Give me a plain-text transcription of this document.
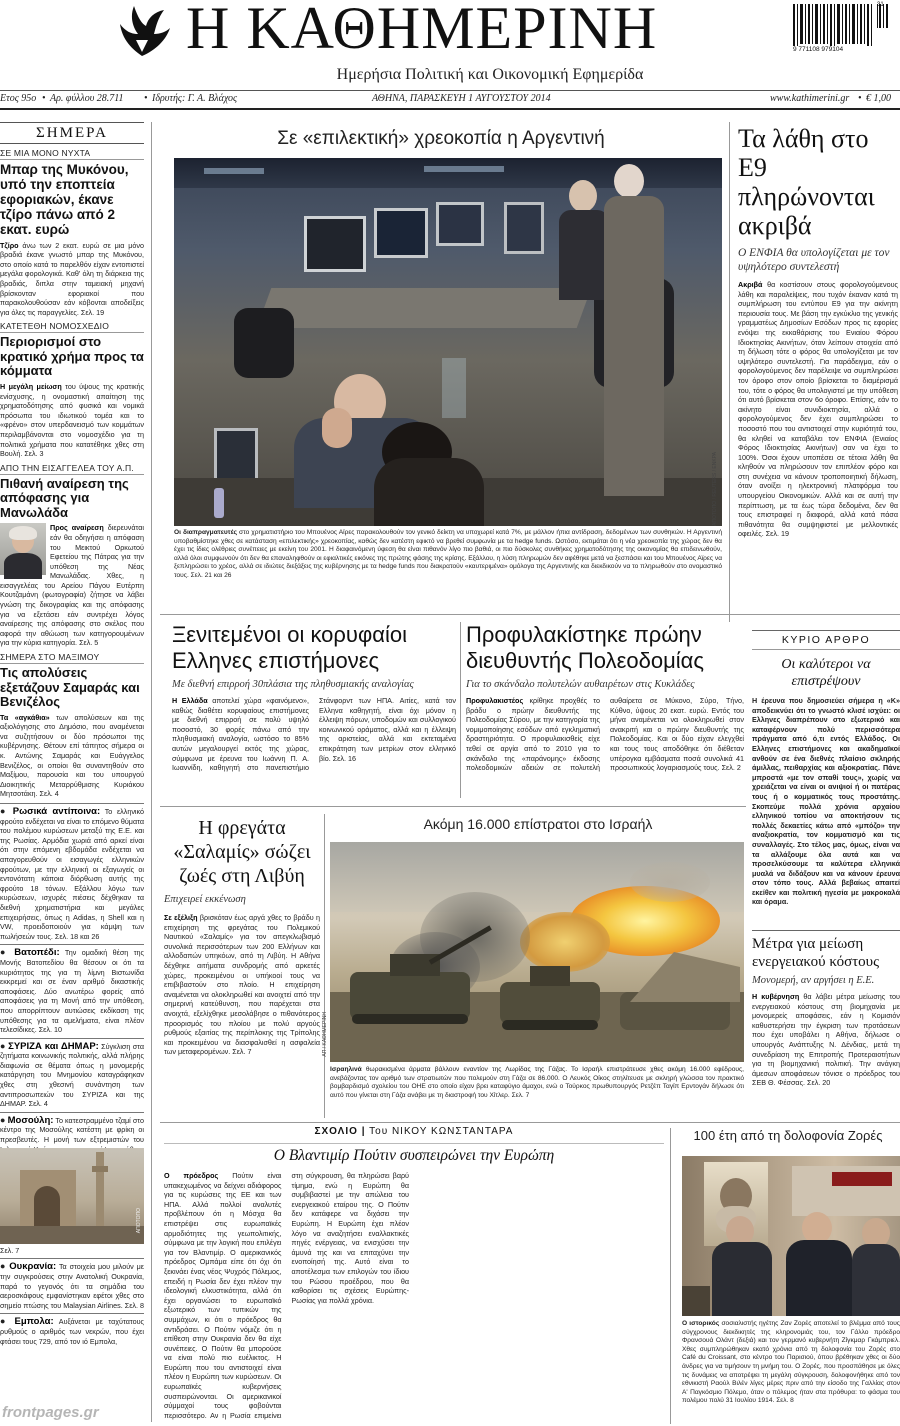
Η ΚΑΘΗΜΕΡΙΝΗ
Ημερήσια Πολιτική και Οικονομική Εφημερίδα
9 771108 979104
31
Ετος 95ο • Αρ. φύλλου 28.711 • Ιδρυτής: Γ. Α. Βλάχος	ΑΘΗΝΑ, ΠΑΡΑΣΚΕΥΗ 1 ΑΥΓΟΥΣΤΟΥ 2014	www.kathimerini.gr • € 1,00
ΣΗΜΕΡΑ
ΣΕ ΜΙΑ ΜΟΝΟ ΝΥΧΤΑ
Μπαρ της Μυκόνου, υπό την εποπτεία εφοριακών, έκανε τζίρο πάνω από 2 εκατ. ευρώ
Τζίρο άνω των 2 εκατ. ευρώ σε μια μόνο βραδιά έκανε γνωστό μπαρ της Μυκόνου, στο οποίο κατά το παρελθόν είχαν εντοπιστεί μεγάλα φορολογικά. Καθ' όλη τη διάρκεια της βραδιάς, διπλα στην ταμειακή μηχανή βρίσκονταν εφοριακοί που παρακολουθούσαν εάν κόβονται αποδείξεις για όλες τις παραγγελίες. Σελ. 19
ΚΑΤΕΤΕΘΗ ΝΟΜΟΣΧΕΔΙΟ
Περιορισμοί στο κρατικό χρήμα προς τα κόμματα
Η μεγάλη μείωση του ύψους της κρατικής ενίσχυσης, η ονομαστική απαίτηση της χρηματοδότησης από φυσικά και νομικά πρόσωπα του ιδιωτικού τομέα και το «φρένο» στον υπερδανεισμό των κομμάτων περιλαμβάνονται στο νομοσχέδιο για τη πολιτικά χρήματα που κατατέθηκε χθες στη Βουλή. Σελ. 3
ΑΠΟ ΤΗΝ ΕΙΣΑΓΓΕΛΕΑ ΤΟΥ Α.Π.
Πιθανή αναίρεση της απόφασης για Μανωλάδα
Προς αναίρεση διερευνάται εάν θα οδηγήσει η απόφαση του Μεικτού Ορκωτού Εφετείου της Πάτρας για την υπόθεση της Νέας Μανωλάδας. Χθες, η εισαγγελέας του Αρείου Πάγου Ευτέρπη Κουτζαμάνη (φωτογραφία) ζήτησε να λάβει γνώση της δικογραφίας και της απόφασης για να εξετάσει εάν συντρέχει λόγος αναίρεσης της απόφασης στο σκέλος που αφορά την αθώωση των κατηγορουμένων για την κύρια κατηγορία. Σελ. 5
ΣΗΜΕΡΑ ΣΤΟ ΜΑΞΙΜΟΥ
Τις απολύσεις εξετάζουν Σαμαράς και Βενιζέλος
Τα «αγκάθια» των απολύσεων και της αξιολόγησης στο Δημόσιο, που αναμένεται να συζητήσουν οι δύο πρόσωποι της κυβέρνησης. Θέτουν επί τάπητος σήμερα οι κ. Αντώνης Σαμαράς και Ευάγγελος Βενιζέλος, οι οποίοι θα συναντηθούν στο Μαξίμου, παρουσία και του υπουργού Διοικητικής Μεταρρύθμισης Κυριάκου Μητσοτάκη. Σελ. 4
● Ρωσικά αντίποινα: Το ελληνικό φρούτο ενδέχεται να είναι το επόμενο θύματα του πολέμου κυρώσεων μεταξύ της Ε.Ε. και της Ρωσίας. Αρμόδια χωριά από αρκεί είναι ότι στην επόμενη εβδομάδα ενδέχεται να απαγορευθούν οι εισαγωγές ελληνικών φρούτων, με την ελληνική οι εξαγωγείς οι εντονότατη κάποια διόρθωση αυτής της φρούτο 18 τόνων. Εξάλλου λόγω των κυρώσεων, ισχυρές πιέσεις δέχθηκαν τα διεθνή χρηματιστήρια και μεγάλες επιχειρήσεις, όπως η Adidas, η Shell και η VW, προειδοποιούν για κάμψη των πωλήσεών τους. Σελ. 18 και 26
● Βατοπέδι: Την ομαδική θέση της Μονής Βατοπεδίου θα θέσουν οι ότι τα κυριότητος της για τη λίμνη Βιστωνίδα εκκρεμεί και σε έναν αριθμό δικαστικής αποφάσεις. Δύο ανωτέρω φορείς από αποφάσεις για τη Μονή από την υπόθεση, που απορρίπτουν αυτιώσεις εκδίκαση της υπόθεσης για τα αμελήματα, είναι πλέον τελεσίδικες. Σελ. 10
● ΣΥΡΙΖΑ και ΔΗΜΑΡ: Σύγκλιση στα ζητήματα κοινωνικής πολιτικής, αλλά πλήρης διαφωνία σε θέματα όπως η μονομερής κατάργηση του Μνημονίου καταγράφηκαν χθες στη χθεσινή συνάντηση των αντιπροσωπειών του ΣΥΡΙΖΑ και της ΔΗΜΑΡ. Σελ. 4
● Μοσούλη: Το κατεστραμμένο τζαμί στο κέντρο της Μοσούλης κατέστη με φρίκη οι πρεσβευτές. Η μονή των εξτρεμιστών του
ΑΠΟΤΟΠΟ
Σελ. 7
● Ουκρανία: Τα στοιχεία μου μιλούν με την συγκρούσεις στην Ανατολική Ουκρανία, παρά το γεγονός ότι τα σημάδια του αεροσκάφους εμφανίστηκαν εφέτοι χθες στο σημείο πτώσης του Malaysian Airlines. Σελ. 8
● Εμπολα: Αυξάνεται με ταχύτατους ρυθμούς ο αριθμός των νεκρών, που έχει φτάσει τους 729, από τον ιό Εμπολα,
Σε «επιλεκτική» χρεοκοπία η Αργεντινή
ΑΠΟΤΟΠΟ / REUTERS / ΕΝΚΡΑ
Οι διαπραγματευτές στο χρηματιστήριο του Μπουένος Αϊρες παρακολουθούν τον γενικό δείκτη να υποχωρεί κατά 7%, με μάλλον ήπια αντίδραση, δεδομένων των συνθηκών. Η Αργεντινή υποβαθμίστηκε χθες σε κατάσταση «επιλεκτικής» χρεοκοπίας, καθώς δεν κατέστη εφικτό να βρεθεί συμφωνία με τα hedge funds. Ωστόσο, εκτιμάται ότι η νέα χρεοκοπία της χώρας δεν θα έχει τις ίδιες ολέθριες συνέπειες με εκείνη του 2001. Η διαφαινόμενη ύφεση θα είναι πιθανόν λίγο πιο βαθιά, οι πιο δύσκολες συνθήκες χρηματοδότησης της οικονομίας θα επιδεινωθούν, αλλά όλοι συμφωνούν ότι δεν θα επαναληφθούν οι εφιαλτικές εικόνες της πρώτης φάσης της κρίσης. Εξάλλου, η λύση πληρωμών δεν αφέθηκε μετά να ξεσπάσει και του Μπουένος Αϊρες να ξεπληρώσει το χρέος, αλλά σε ιδιώτες διεξάξεις της κυβέρνησης με τα hedge funds που διακρατούν «καυτεριμένα» ομόλογα της Αργεντινής και διεκδικούν να το πληρωθούν στο ονομαστικό τους. Σελ. 21 και 26
Τα λάθη στο Ε9 πληρώνονται ακριβά
Ο ΕΝΦΙΑ θα υπολογίζεται με τον υψηλότερο συντελεστή
Ακριβά θα κοστίσουν στους φορολογούμενους λάθη και παραλείψεις, που τυχόν έκαναν κατά τη συμπλήρωση του εντύπου Ε9 για την ακίνητη περιουσία τους. Με βάση την εγκύκλιο της γενικής γραμματέως Δημοσίων Εσόδων προς τις εφορίες ενόψει της εκκαθάρισης του Ενιαίου Φόρου Ιδιοκτησίας Ακινήτων, όταν λείπουν στοιχεία από τη δήλωση τότε ο φόρος θα υπολογίζεται με τον υψηλότερο συντελεστή. Για παράδειγμα, εάν ο φορολογούμενος δεν παρέλειψε να συμπληρώσει τον όροφο στον οποίο βρίσκεται το διαμέρισμά του, τότε ο φόρος θα υπολογιστεί με την υπόθεση ότι αυτό βρίσκεται στον 6ο όροφο. Επίσης, εάν το ακίνητο είναι συνιδιοκτησία, αλλά ο φορολογούμενος δεν έχει συμπληρώσει το ποσοστό που του αντιστοιχεί στην κυριότητά του, θα κληθεί να καταβάλει τον ΕΝΦΙΑ (Ενιαίος Φόρος Ιδιοκτησίας Ακινήτων) σαν να έχει το 100%. Όσοι έχουν υποπέσει σε τέτοια λάθη θα κληθούν να πληρώσουν τον επιπλέον φόρο και στη συνέχεια να κάνουν τροποποιητική δήλωση, όταν ανοίξει η ηλεκτρονική πλατφόρμα του υπουργείου Οικονομικών. Αλλά και σε αυτή την περίπτωση, με τα έως τώρα δεδομένα, δεν θα τους επιστραφεί η διαφορά, αλλά κατά πάσα πιθανότητα θα συμψηφιστεί με μελλοντικές οφειλές. Σελ. 19
Ξενιτεμένοι οι κορυφαίοι Ελληνες επιστήμονες
Με διεθνή επιρροή 30πλάσια της πληθυσμιακής αναλογίας
Η Ελλάδα αποτελεί χώρα «φαινόμενο», καθώς διαθέτει κορυφαίους επιστήμονες με διεθνή επιρροή σε πολύ υψηλό ποσοστό, 30 φορές πάνω από την πληθυσμιακή αναλογία, ωστόσο το 85% αυτών μεγαλουργεί εκτός της χώρας, σύμφωνα με έρευνα του Ιωάννη Π. Α. Ιωαννίδη, καθηγητή στο πανεπιστήμιο Στάνφορντ των ΗΠΑ. Αιτίες, κατά τον Ελληνα καθηγητή, είναι όχι μόνον η έλλειψη πόρων, υποδομών και συλλογικού κοινωνικού οράματος, αλλά και η έλλειψη της αριστείας, αλλά και εκτεταμένα επικράτηση των μετρίων στον ελληνικό βίο. Σελ. 16
Προφυλακίστηκε πρώην διευθυντής Πολεοδομίας
Για το σκάνδαλο πολυτελών αυθαιρέτων στις Κυκλάδες
Προφυλακιστέος κρίθηκε προχθές το βράδυ ο πρώην διευθυντής της Πολεοδομίας Σύρου, με την κατηγορία της νομιμοποίησης εσόδων από εγκληματική δραστηριότητα. Ο προφυλακισθείς είχε τεθεί σε αργία από το 2010 για το σκάνδαλο της «παράνομης» έκδοσης πολεοδομικών αδειών σε πολυτελή αυθαίρετα σε Μύκονο, Σύρο, Τήνο, Κύθνο, ύψους 20 εκατ. ευρώ. Εντός του μήνα αναμένεται να ολοκληρωθεί στον ανακριτή και ο πρώην διευθυντής της Πολεοδομίας. Και οι δύο είχαν ελεγχθεί και τους τους αποδόθηκε ότι διέθεταν υπέρογκα εμβάσματα ποσά συνολικά 41 προσωπικούς λογαριασμούς τους. Σελ. 2
ΚΥΡΙΟ ΑΡΘΡΟ
Οι καλύτεροι να επιστρέψουν
Η έρευνα που δημοσιεύει σήμερα η «Κ» αποδεικνύει ότι το γνωστό κλισέ ισχύει: οι Ελληνες διαπρέπουν στο εξωτερικό και καταφέρνουν πολύ περισσότερα πράγματα από ό,τι εντός Ελλάδος. Οι Ελληνες επιστήμονες και ακαδημαϊκοί ανθούν σε ένα διεθνές πλαίσιο σκληρής άμιλλας, πειθαρχίας και αξιοκρατίας. Πάνε μπροστά «με τον σπαθί τους», χωρίς να χρειάζεται να είναι οι ανιψιοί ή οι πατέρας τους ή ο κομματικός τους προστάτης. Σκοπεύμε πολλά χρόνια αρχαίου ελληνικού τοπίου να αποκτήσουν τις πολλές δεκαετίες κάτω από «μπόζο» την αναξιοκρατία, τον κομματισμό και τις συναλλαγές. Στο τέλος μας, όμως, είναι να τα αλλάξουμε όλα αυτά και να προσελκύσουμε τα καλύτερα ελληνικά μυαλά να διδάξουν και να κάνουν έρευνα στον τόπο τους. Αλλά βεβαίως απαιτεί εκείθεν και πολιτική ηγεσία με μακροκαλά και όραμα.
Μέτρα για μείωση ενεργειακού κόστους
Μονομερή, αν αργήσει η Ε.Ε.
Η κυβέρνηση θα λάβει μέτρα μείωσης του ενεργειακού κόστους στη βιομηχανία με μονομερείς αποφάσεις, εάν η Κομισιόν καθυστερήσει την έγκριση των προτάσεων που έχει υποβάλει η Αθήνα, δήλωσε ο υπουργός Ανάπτυξης Ν. Δένδιας, μετά τη συνεδρίαση της Επιτροπής Προτεραιοτήτων για τη βιομηχανική πολιτική. Την ανάγκη άμεσων αποφάσεων τόνισε ο πρόεδρος του ΣΕΒ Θ. Φέσσας. Σελ. 20
Η φρεγάτα «Σαλαμίς» σώζει ζωές στη Λιβύη
Επιχειρεί εκκένωση
Σε εξέλιξη βρισκόταν έως αργά χθες το βράδυ η επιχείρηση της φρεγάτας του Πολεμικού Ναυτικού «Σαλαμίς» για τον απεγκλωβισμό συνολικά περισσότερων των 200 Ελλήνων και αλλοδαπών υπηκόων, από τη Λιβύη. Η Αθήνα δέχθηκε αιτήματα συνδρομής από αρκετές χώρες, προκειμένου οι υπήκοοί τους να επιβιβαστούν στο πλοίο. Η επιχείρηση αναμένεται να ολοκληρωθεί και ανοιχτεί από την σημερινή κατεύθυνση, που παρέχεται στα ανοιχτά, εξελίχθηκε μεσολάβησε ο πιθανότερος προορισμός του πλοίου με πολύ αργούς ρυθμούς εξαιτίας της περίπλοκης της Τρίπολης και προκειμένου να διασφαλισθεί η ασφαλεία των μεταφερομένων. Σελ. 7
Ακόμη 16.000 επίστρατοι στο Ισραήλ
ΑΠ / ΚΑΘΗΜΕΡΙΝΗ
Ισραηλινά θωρακισμένα άρματα βάλλουν εναντίον της Λωρίδας της Γάζας. Το Ισραήλ επιστράτευσε χθες ακόμη 16.000 εφέδρους, ανεβάζοντας τον αριθμό των στρατιωτών που πολεμούν στη Γάζα σε 86.000. Ο Λευκός Οίκος στηλίτευσε με σκληρή γλώσσα τον πρακτικό βομβαρδισμό σχολείου του ΟΗΕ στο οποίο είχαν βρει καταφύγιο άμαχοι, ενώ ο Τούρκος πρωθυπουργός Ρετζέπ Ταγίπ Ερντογάν δήλωσε ότι αυτό που γίνεται στη Γάζα ανάβει με τη διαστροφή του Χίτλερ. Σελ. 7
ΣΧΟΛΙΟ | Του ΝΙΚΟΥ ΚΩΝΣΤΑΝΤΑΡΑ
Ο Βλαντιμίρ Πούτιν συσπειρώνει την Ευρώπη
Ο πρόεδρος Πούτιν είναι υπακεχωμένος να δείχνει αδιάφορος για τις κυρώσεις της ΕΕ και των ΗΠΑ. Αλλά πολλοί αναλυτές προβλέπουν ότι η Μόσχα θα επιστρέψει στις ευρωπαϊκές αρμοδιότητες της γεωπολιτικής, σύμφωνα με την λογική που επιλέγει για τον Βλαντιμίρ. Ο αμερικανικός πρόεδρος Ομπάμα είπε ότι όχι ότι ξεκινάει ένας νέος Ψυχρός Πόλεμος, επειδή η Ρωσία δεν έχει πλέον την ιδεολογική ελκυστικότητα, αλλά ότι έχει οργανώσει το ευρωπαϊκό εξωτερικό των τυπικών της συμμάχων, κι ότι ο πρόεδρος θα αντιδράσει. Ο Πούτιν νόμιζε ότι η επίθεση στην Ουκρανία δεν θα είχε συνέπειες. Ο Πούτιν θα μπορούσε να είναι πολύ πιο ευέλικτος. Η Ευρώπη που του αντιστοιχεί είναι πλέον η Ευρώπη των κυρώσεων. Οι ευρωπαϊκές κυβερνήσεις συσπειρώνονται. Οι αμερικανικοί σύμμαχοί τους φοβούνται περισσότερο. Αν η Ρωσία επιμείνει στη σύγκρουση, θα πληρώσει βαρύ τίμημα, ενώ η Ευρώπη θα συμβιβαστεί με την απώλεια του ενεργειακού εταίρου της. Ο Πούτιν δεν κατάφερε να διχάσει την Ευρώπη. Η Ευρώπη έχει πλέον λόγο να αναζητήσει εναλλακτικές πηγές ενέργειας, να ενισχύσει την άμυνά της και να επιταχύνει την ενοποίησή της. Αυτό είναι το αποτέλεσμα των επιλογών του ίδιου του Ρώσου προέδρου, που θα καθορίσει τις σχέσεις Ευρώπης-Ρωσίας για πολλά χρόνια.
100 έτη από τη δολοφονία Ζορές
Ο ιστορικός σοσιαλιστής ηγέτης Ζαν Ζορές αποτελεί το βλέμμα από τους σύγχρονους διεκδικητές της κληρονομιάς του, τον Γάλλο πρόεδρο Φρανσουά Ολάντ (δεξιά) και τον γερμανό κυβερνήτη Ζίγκμαρ Γκάμπριελ. Χθες συμπληρώθηκαν εκατό χρόνια από τη δολοφονία του Ζορές στο Café du Croissant, στο κέντρο του Παρισιού, όπου βρέθηκαν χθες οι δύο άνδρες για να τιμήσουν τη μνήμη του. Ο Ζορές, που προσπάθησε με όλες τις δυνάμεις να αποτρέψει τη μεγάλη σύγκρουση, δολοφονήθηκε από τον εθνικιστή Ραούλ Βιλέν λίγες μέρες πριν από την είσοδο της Γαλλίας στον Α' Παγκόσμιο Πόλεμο, όταν ο πόλεμος ήταν στα πρόθυρα: το φάσμα του πολέμου πολύ 31 Ιουλίου 1914. Σελ. 8
frontpages.gr
